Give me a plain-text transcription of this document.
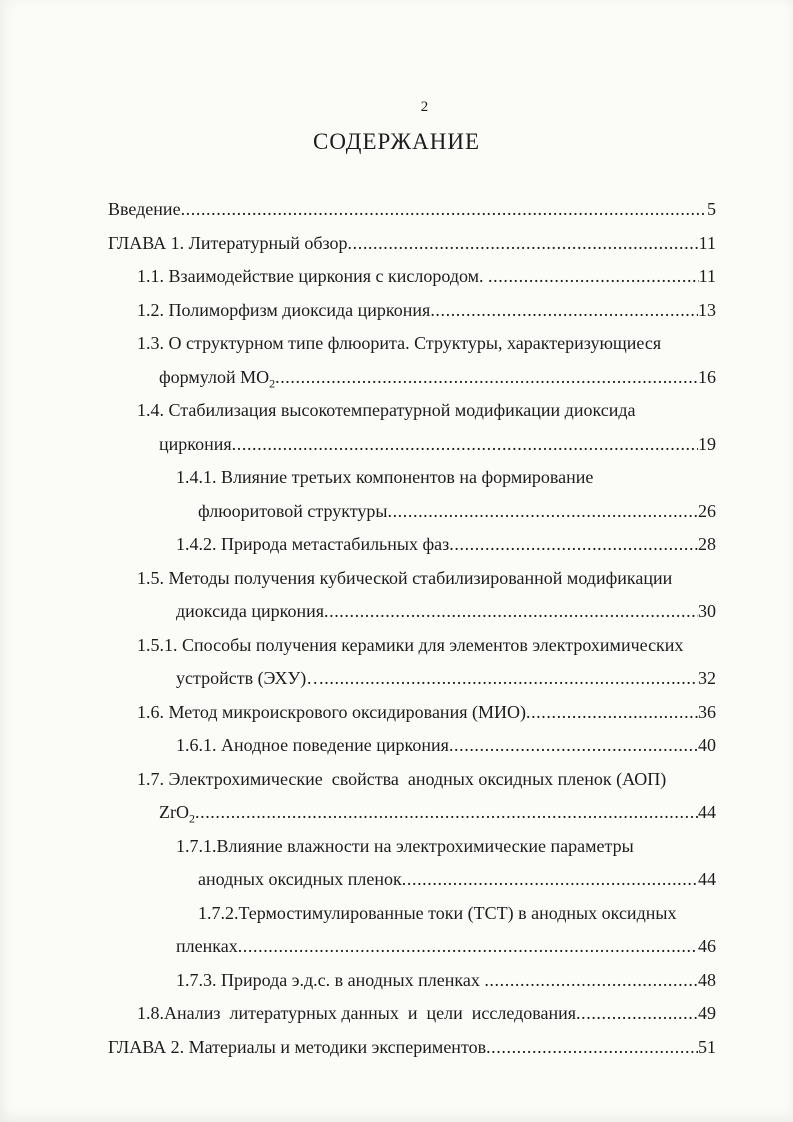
2
СОДЕРЖАНИЕ
Введение .....	5
ГЛАВА 1. Литературный обзор .....	11
1.1. Взаимодействие циркония с кислородом. .....	11
1.2. Полиморфизм диоксида циркония .....	13
1.3. О структурном типе флюорита. Структуры, характеризующиеся
формулой $МО_2$ .....	16
1.4. Стабилизация высокотемпературной модификации диоксида
циркония .....	19
1.4.1. Влияние третьих компонентов на формирование
флюоритовой структуры .....	26
1.4.2. Природа метастабильных фаз .....	28
1.5. Методы получения кубической стабилизированной модификации
диоксида циркония .....	30
1.5.1. Способы получения керамики для элементов электрохимических
устройств (ЭХУ)… .....	32
1.6. Метод микроискрового оксидирования (МИО) .....	36
1.6.1. Анодное поведение циркония .....	40
1.7. Электрохимические  свойства  анодных оксидных пленок (АОП)
ZrO$_2$ .....	44
1.7.1.Влияние влажности на электрохимические параметры
анодных оксидных пленок .....	44
1.7.2.Термостимулированные токи (ТСТ) в анодных оксидных
пленках .....	46
1.7.3. Природа э.д.с. в анодных пленках .....	48
1.8.Анализ  литературных данных  и  цели  исследования .....	49
ГЛАВА 2. Материалы и методики экспериментов .....	51
